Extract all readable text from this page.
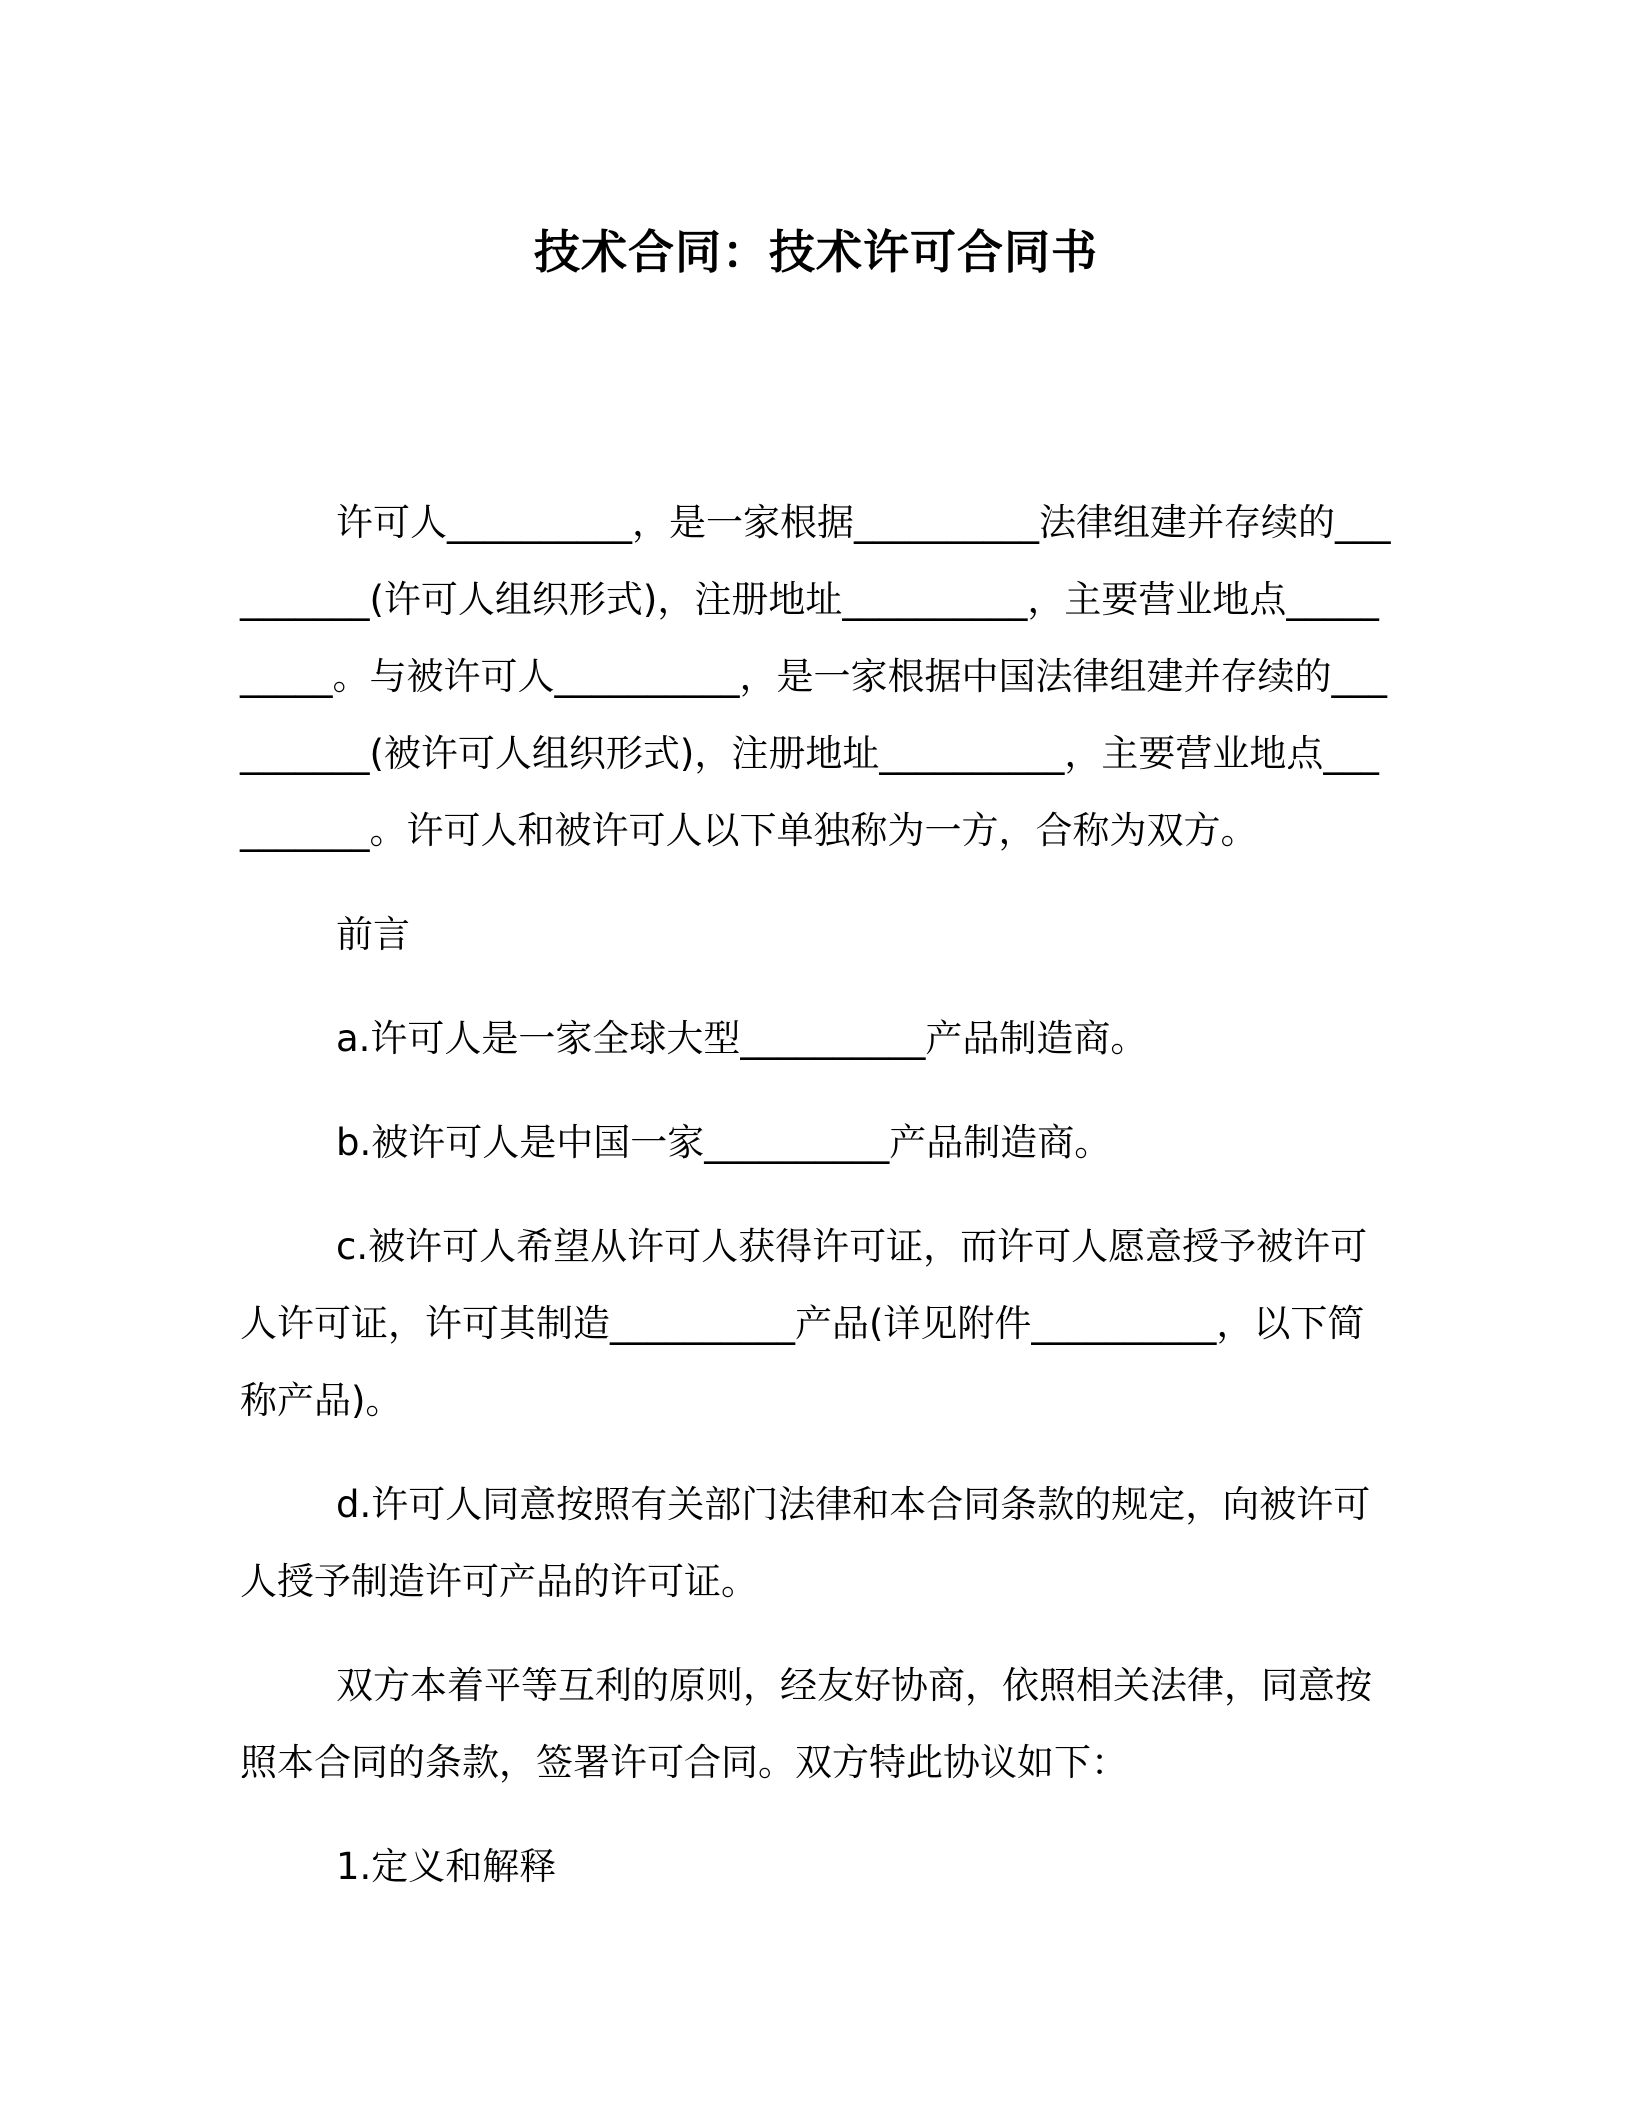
技术合同：技术许可合同书

许可人__________，是一家根据__________法律组建并存续的__________(许可人组织形式)，注册地址__________，主要营业地点__________。与被许可人__________，是一家根据中国法律组建并存续的__________(被许可人组织形式)，注册地址__________，主要营业地点__________。许可人和被许可人以下单独称为一方，合称为双方。

前言

a.许可人是一家全球大型__________产品制造商。

b.被许可人是中国一家__________产品制造商。

c.被许可人希望从许可人获得许可证，而许可人愿意授予被许可人许可证，许可其制造__________产品(详见附件__________，以下简称产品)。

d.许可人同意按照有关部门法律和本合同条款的规定，向被许可人授予制造许可产品的许可证。

双方本着平等互利的原则，经友好协商，依照相关法律，同意按照本合同的条款，签署许可合同。双方特此协议如下：

1.定义和解释
